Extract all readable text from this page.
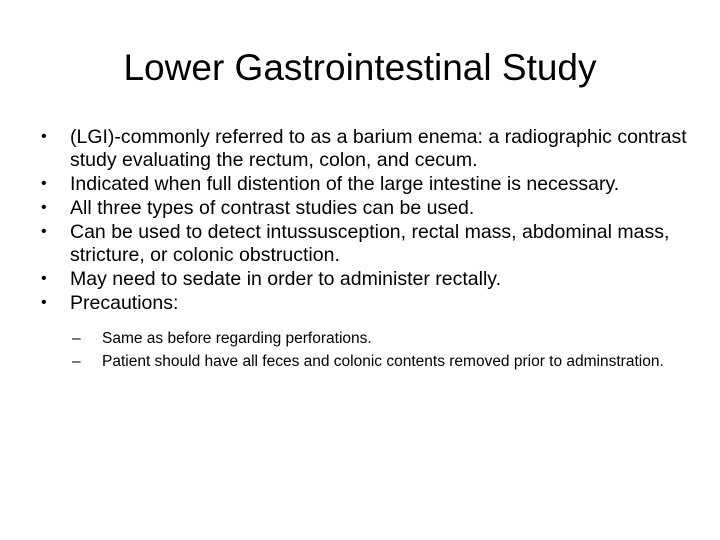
Lower Gastrointestinal Study
• (LGI)-commonly referred to as a barium enema: a radiographic contrast study evaluating the rectum, colon, and cecum.
• Indicated when full distention of the large intestine is necessary.
• All three types of contrast studies can be used.
• Can be used to detect intussusception, rectal mass, abdominal mass, stricture, or colonic obstruction.
• May need to sedate in order to administer rectally.
• Precautions:
– Same as before regarding perforations.
– Patient should have all feces and colonic contents removed prior to adminstration.
